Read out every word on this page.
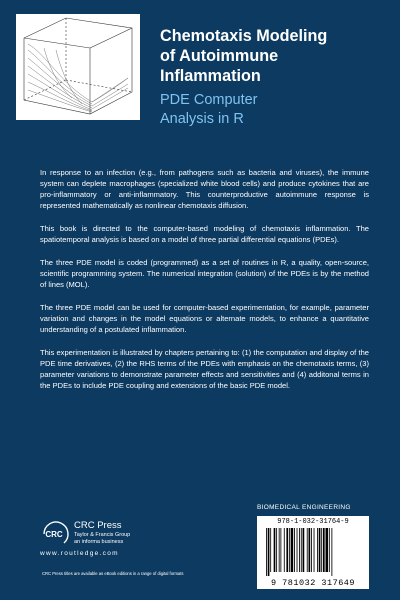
Chemotaxis Modeling
of Autoimmune
Inflammation
PDE Computer
Analysis in R

In response to an infection (e.g., from pathogens such as bacteria and viruses), the immune system can deplete macrophages (specialized white blood cells) and produce cytokines that are pro-inflammatory or anti-inflammatory. This counterproductive autoimmune response is represented mathematically as nonlinear chemotaxis diffusion.

This book is directed to the computer-based modeling of chemotaxis inflammation. The spatiotemporal analysis is based on a model of three partial differential equations (PDEs).

The three PDE model is coded (programmed) as a set of routines in R, a quality, open-source, scientific programming system. The numerical integration (solution) of the PDEs is by the method of lines (MOL).

The three PDE model can be used for computer-based experimentation, for example, parameter variation and changes in the model equations or alternate models, to enhance a quantitative understanding of a postulated inflammation.

This experimentation is illustrated by chapters pertaining to: (1) the computation and display of the PDE time derivatives, (2) the RHS terms of the PDEs with emphasis on the chemotaxis terms, (3) parameter variations to demonstrate parameter effects and sensitivities and (4) additonal terms in the PDEs to include PDE coupling and extensions of the basic PDE model.

CRC
CRC Press
Taylor & Francis Group
an informa business
www.routledge.com
CRC Press titles are available as eBook editions in a range of digital formats
BIOMEDICAL ENGINEERING
978-1-032-31764-9
9 781032 317649
